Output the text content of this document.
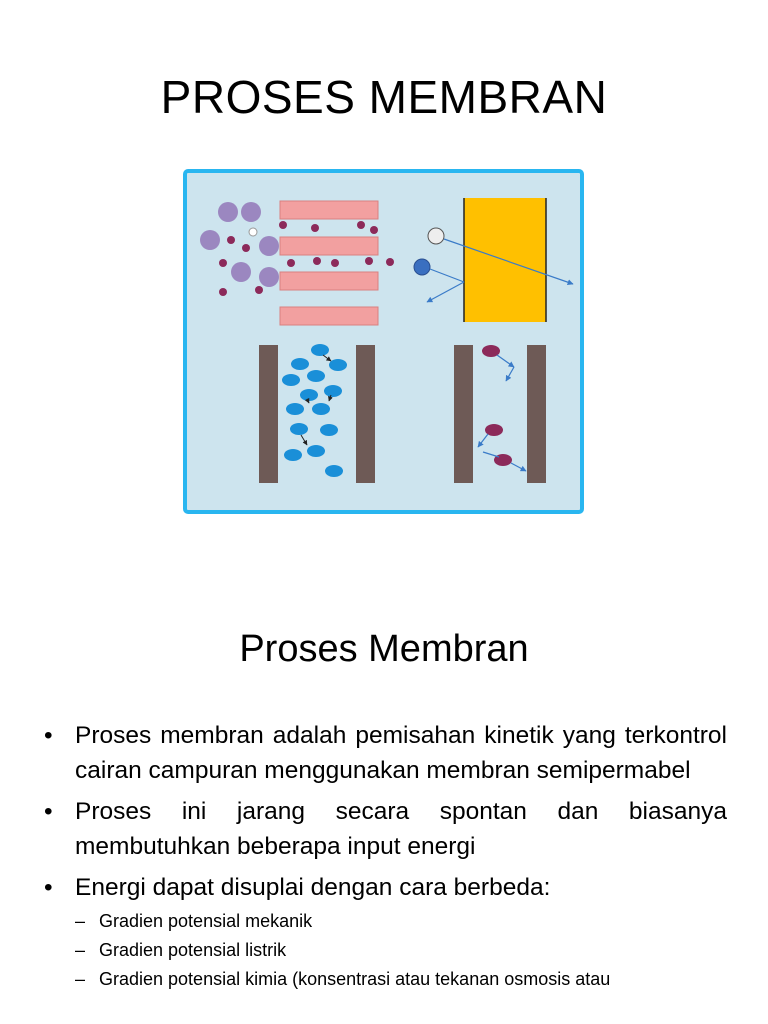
PROSES MEMBRAN
Proses Membran
• Proses membran adalah pemisahan kinetik yang terkontrol cairan campuran menggunakan membran semipermabel
• Proses ini jarang secara spontan dan biasanya membutuhkan beberapa input energi
• Energi dapat disuplai dengan cara berbeda:
– Gradien potensial mekanik
– Gradien potensial listrik
– Gradien potensial kimia (konsentrasi atau tekanan osmosis atau
